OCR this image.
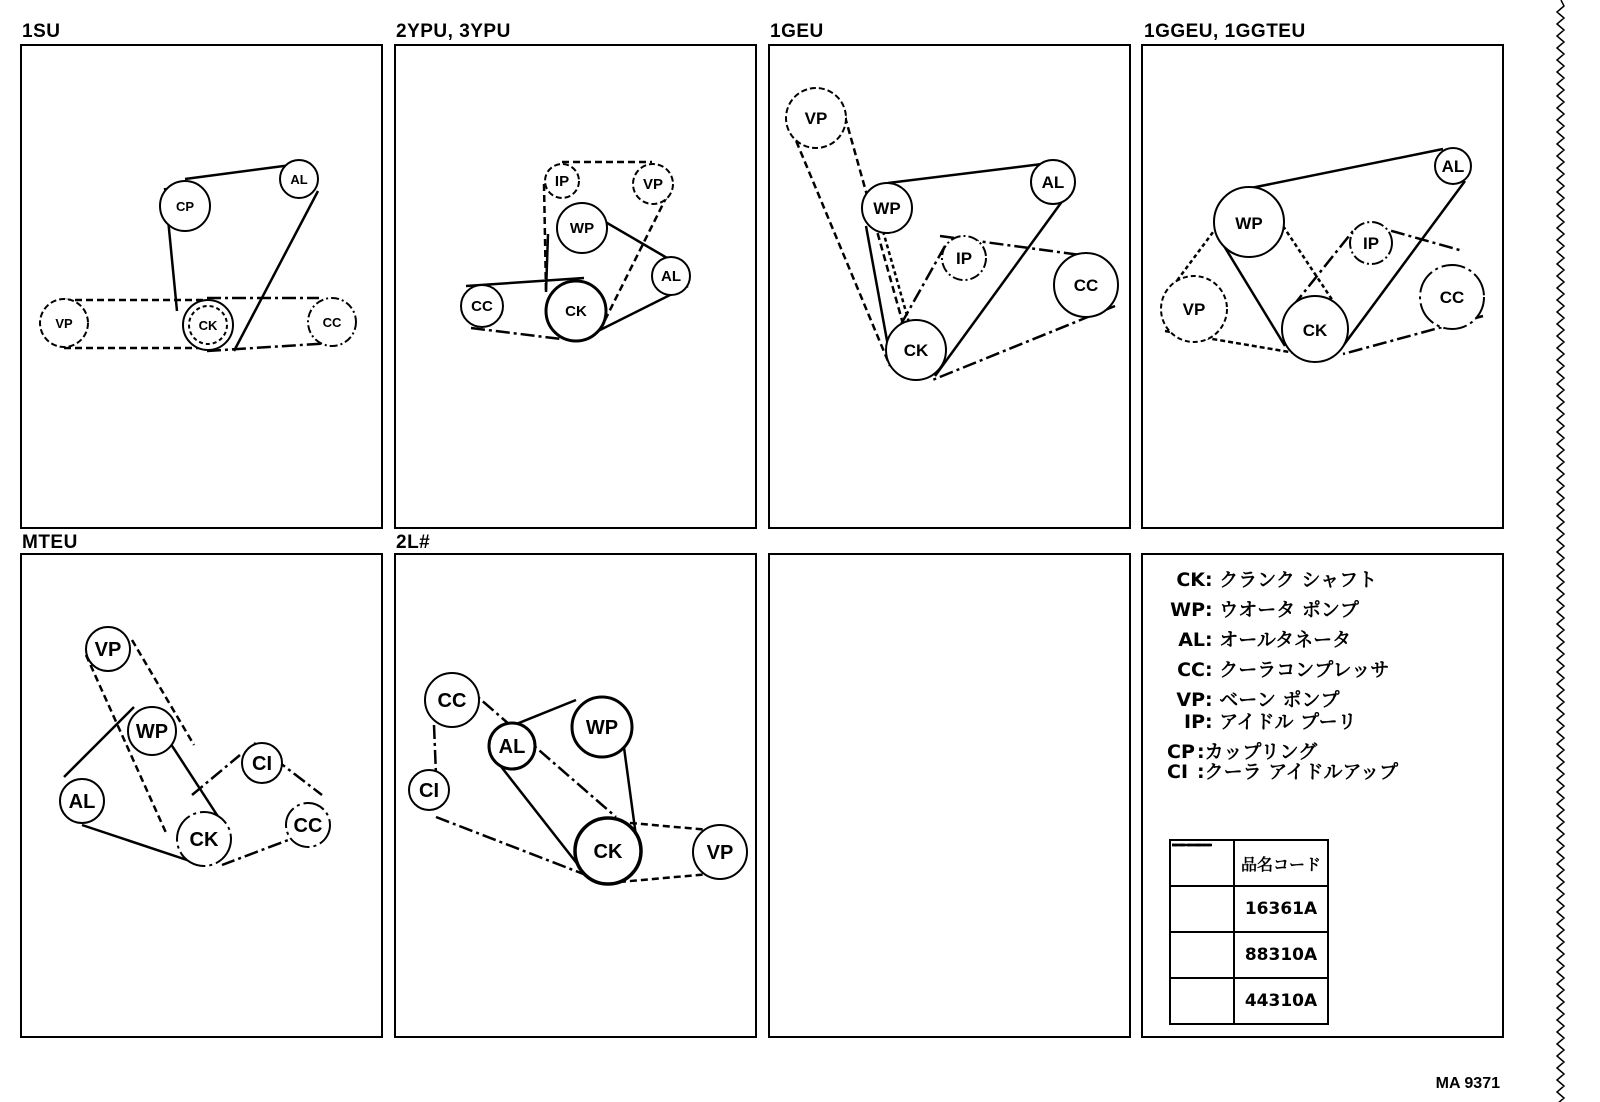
1SU	2YPU, 3YPU	1GEU	1GGEU, 1GGTEU
MTEU	2L#
CP
AL
CK
VP	CC
IP	VP
WP
AL
CC	CK
VP
WP
AL
IP
CC
CK
AL
WP
IP
VP
CC
CK
VP
WP
AL
CI
CC
CK
CC
CI
AL
WP
CK	VP
CK: クランク シャフト
WP: ウオータ ポンプ
AL: オールタネータ
CC: クーラコンプレッサ
VP: ベーン ポンプ
IP: アイドル プーリ
CP :カップリング
CI :クーラ アイドルアップ
	品名コード

	16361A

	88310A

	44310A
MA 9371
